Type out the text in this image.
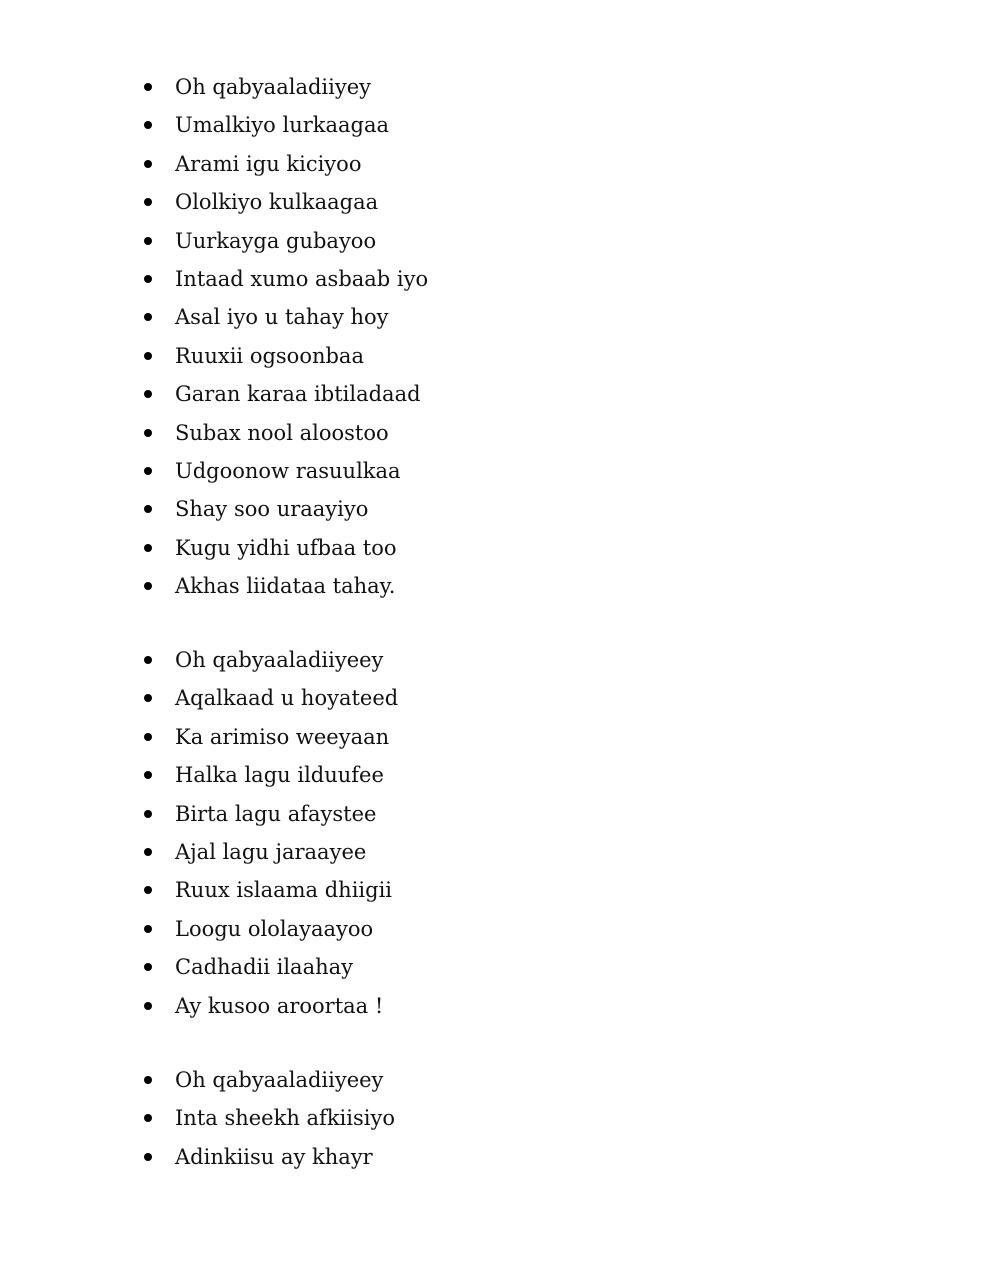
Oh qabyaaladiiyey
Umalkiyo lurkaagaa
Arami igu kiciyoo
Ololkiyo kulkaagaa
Uurkayga gubayoo
Intaad xumo asbaab iyo
Asal iyo u tahay hoy
Ruuxii ogsoonbaa
Garan karaa ibtiladaad
Subax nool aloostoo
Udgoonow rasuulkaa
Shay soo uraayiyo
Kugu yidhi ufbaa too
Akhas liidataa tahay.
Oh qabyaaladiiyeey
Aqalkaad u hoyateed
Ka arimiso weeyaan
Halka lagu ilduufee
Birta lagu afaystee
Ajal lagu jaraayee
Ruux islaama dhiigii
Loogu ololayaayoo
Cadhadii ilaahay
Ay kusoo aroortaa !
Oh qabyaaladiiyeey
Inta sheekh afkiisiyo
Adinkiisu ay khayr
